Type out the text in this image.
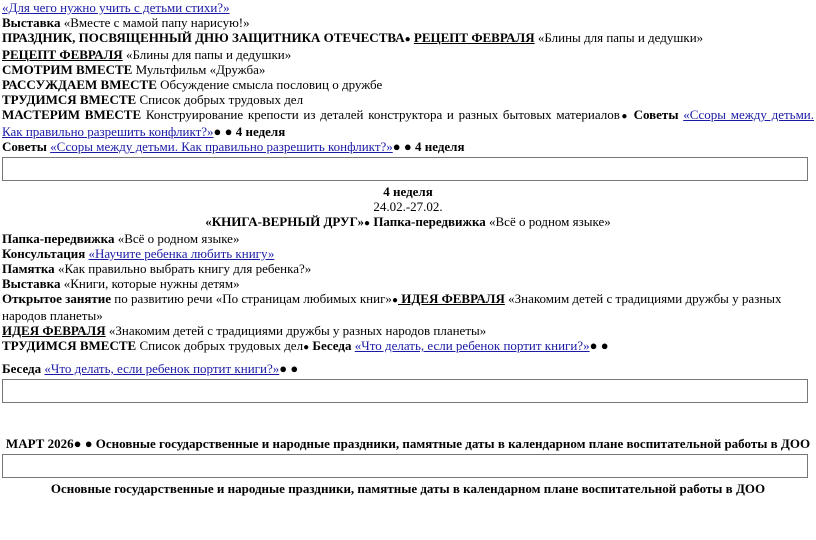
«Для чего нужно учить с детьми стихи?»

Выставка «Вместе с мамой папу нарисую!»

ПРАЗДНИК, ПОСВЯЩЕННЫЙ ДНЮ ЗАЩИТНИКА ОТЕЧЕСТВА● РЕЦЕПТ ФЕВРАЛЯ «Блины для папы и дедушки»

РЕЦЕПТ ФЕВРАЛЯ «Блины для папы и дедушки»

СМОТРИМ ВМЕСТЕ Мультфильм «Дружба»

РАССУЖДАЕМ ВМЕСТЕ Обсуждение смысла пословиц о дружбе

ТРУДИМСЯ ВМЕСТЕ Список добрых трудовых дел

МАСТЕРИМ ВМЕСТЕ Конструирование крепости из деталей конструктора и разных бытовых материалов● Советы «Ссоры между детьми. Как правильно разрешить конфликт?»● ● 4 неделя

Советы «Ссоры между детьми. Как правильно разрешить конфликт?»● ● 4 неделя

4 неделя

24.02.-27.02.

«КНИГА-ВЕРНЫЙ ДРУГ»● Папка-передвижка «Всё о родном языке»

Папка-передвижка «Всё о родном языке»

Консультация «Научите ребенка любить книгу»

Памятка «Как правильно выбрать книгу для ребенка?»

Выставка «Книги, которые нужны детям»

Открытое занятие по развитию речи «По страницам любимых книг»● ИДЕЯ ФЕВРАЛЯ «Знакомим детей с традициями дружбы у разных народов планеты»

ИДЕЯ ФЕВРАЛЯ «Знакомим детей с традициями дружбы у разных народов планеты»

ТРУДИМСЯ ВМЕСТЕ Список добрых трудовых дел● Беседа «Что делать, если ребенок портит книги?»● ●

Беседа «Что делать, если ребенок портит книги?»● ●

МАРТ 2026● ● Основные государственные и народные праздники, памятные даты в календарном плане воспитательной работы в ДОО

Основные государственные и народные праздники, памятные даты в календарном плане воспитательной работы в ДОО
